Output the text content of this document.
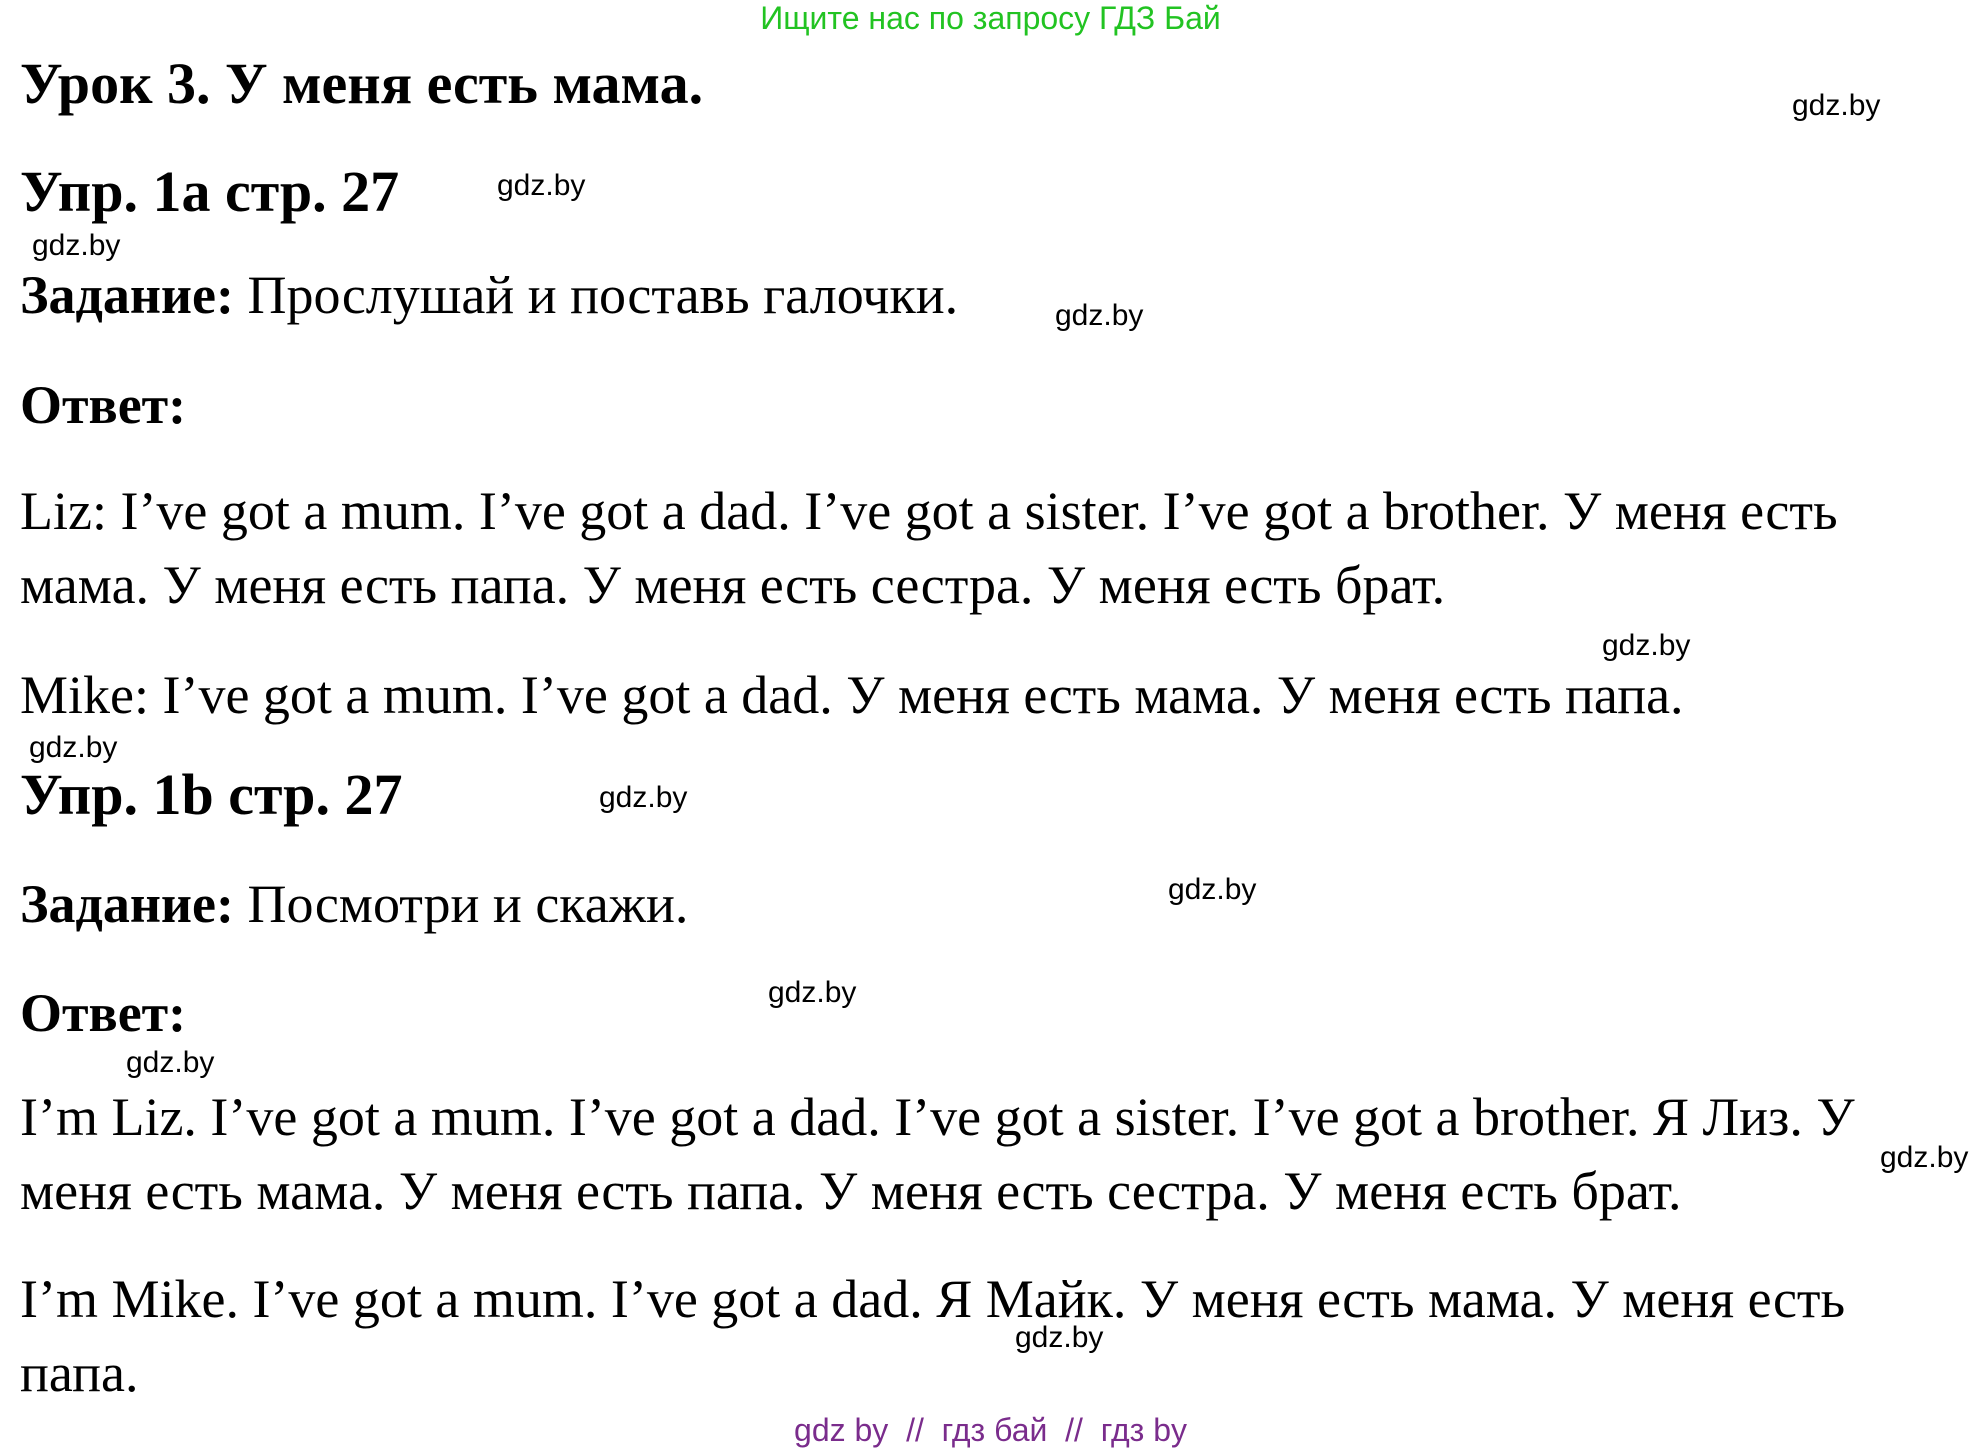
Ищите нас по запросу ГДЗ Бай
Урок 3. У меня есть мама.
Упр. 1а стр. 27
Задание: Прослушай и поставь галочки.
Ответ:
Liz: I’ve got a mum. I’ve got a dad. I’ve got a sister. I’ve got a brother. У меня есть мама. У меня есть папа. У меня есть сестра. У меня есть брат.
Mike: I’ve got a mum. I’ve got a dad. У меня есть мама. У меня есть папа.
Упр. 1b стр. 27
Задание: Посмотри и скажи.
Ответ:
I’m Liz. I’ve got a mum. I’ve got a dad. I’ve got a sister. I’ve got a brother. Я Лиз. У меня есть мама. У меня есть папа. У меня есть сестра. У меня есть брат.
I’m Mike. I’ve got a mum. I’ve got a dad. Я Майк. У меня есть мама. У меня есть папа.
gdz.by
gdz.by
gdz.by
gdz.by
gdz.by
gdz.by
gdz.by
gdz.by
gdz.by
gdz.by
gdz.by
gdz.by
gdz by  //  гдз бай  //  гдз by
